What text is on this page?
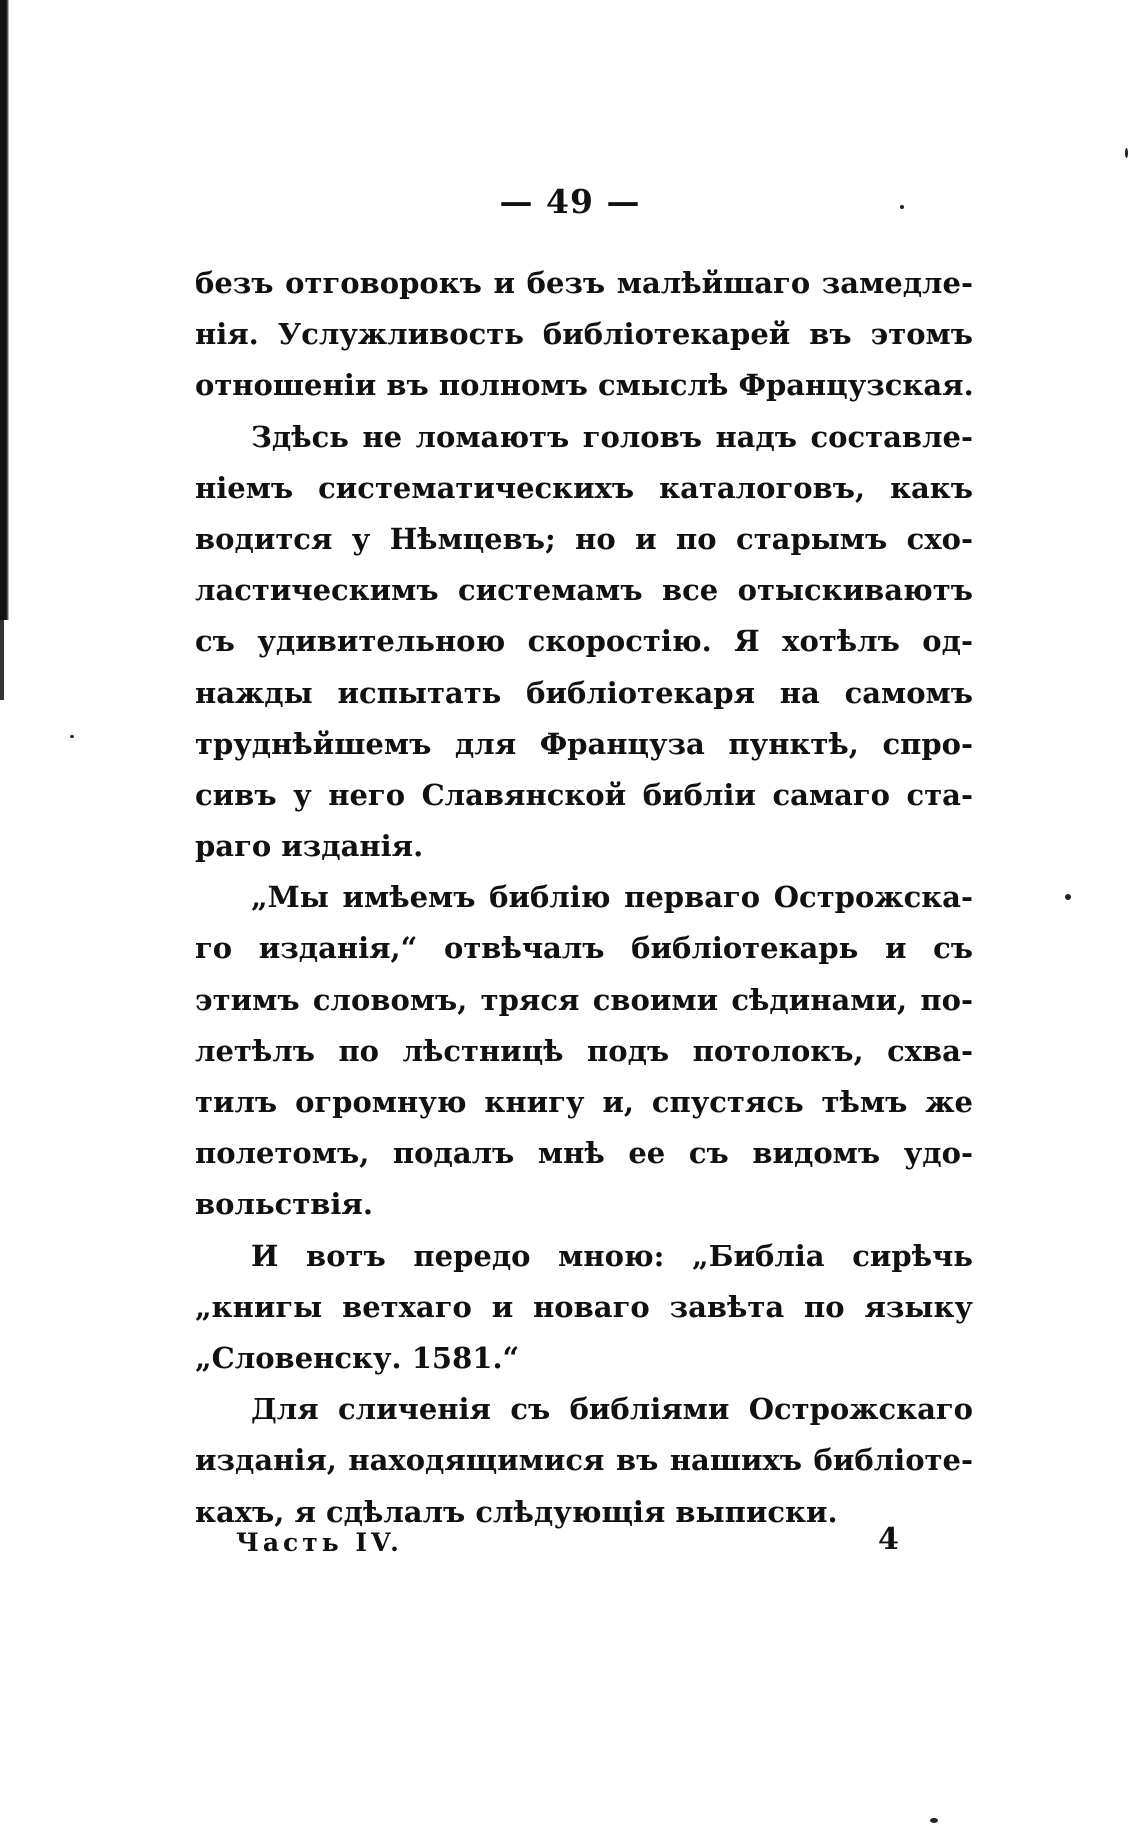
— 49 —
безъ отговорокъ и безъ малѣйшаго замедле-
нія. Услужливость библіотекарей въ этомъ
отношеніи въ полномъ смыслѣ Французская.
Здѣсь не ломаютъ головъ надъ составле-
ніемъ систематическихъ каталоговъ, какъ
водится у Нѣмцевъ; но и по старымъ схо-
ластическимъ системамъ все отыскиваютъ
съ удивительною скоростію. Я хотѣлъ од-
нажды испытать библіотекаря на самомъ
труднѣйшемъ для Француза пунктѣ, спро-
сивъ у него Славянской библіи самаго ста-
раго изданія.
„Мы имѣемъ библію перваго Острожска-
го изданія,“ отвѣчалъ библіотекарь и съ
этимъ словомъ, тряся своими сѣдинами, по-
летѣлъ по лѣстницѣ подъ потолокъ, схва-
тилъ огромную книгу и, спустясь тѣмъ же
полетомъ, подалъ мнѣ ее съ видомъ удо-
вольствія.
И вотъ передо мною: „Библіа сирѣчь
„книгы ветхаго и новаго завѣта по языку
„Словенску. 1581.“
Для сличенія съ библіями Острожскаго
изданія, находящимися въ нашихъ библіоте-
кахъ, я сдѣлалъ слѣдующія выписки.
Часть IV.	4
